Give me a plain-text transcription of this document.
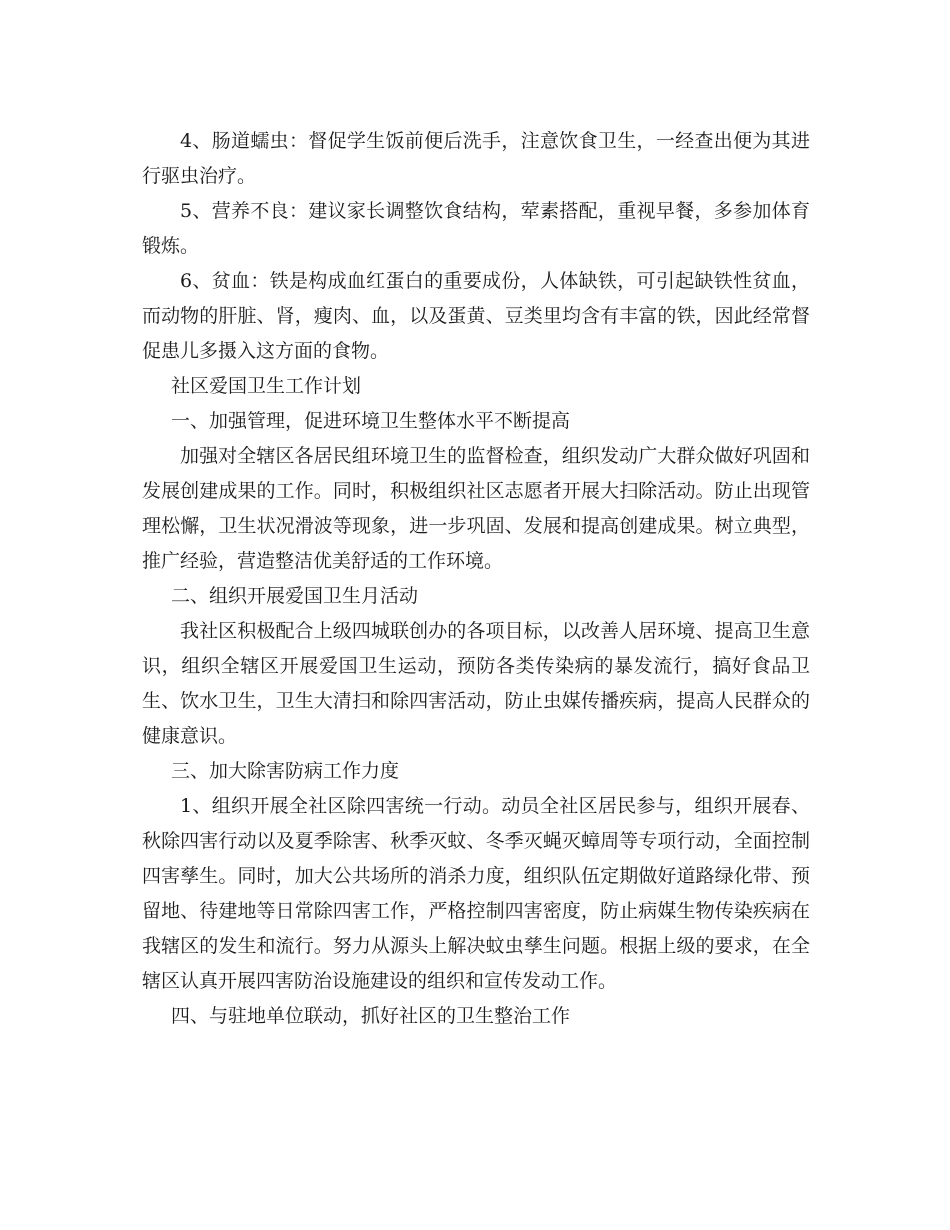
4、肠道蠕虫：督促学生饭前便后洗手，注意饮食卫生，一经查出便为其进行驱虫治疗。

5、营养不良：建议家长调整饮食结构，荤素搭配，重视早餐，多参加体育锻炼。

6、贫血：铁是构成血红蛋白的重要成份，人体缺铁，可引起缺铁性贫血，而动物的肝脏、肾，瘦肉、血，以及蛋黄、豆类里均含有丰富的铁，因此经常督促患儿多摄入这方面的食物。

社区爱国卫生工作计划

一、加强管理，促进环境卫生整体水平不断提高

加强对全辖区各居民组环境卫生的监督检查，组织发动广大群众做好巩固和发展创建成果的工作。同时，积极组织社区志愿者开展大扫除活动。防止出现管理松懈，卫生状况滑波等现象，进一步巩固、发展和提高创建成果。树立典型，推广经验，营造整洁优美舒适的工作环境。

二、组织开展爱国卫生月活动

我社区积极配合上级四城联创办的各项目标，以改善人居环境、提高卫生意识，组织全辖区开展爱国卫生运动，预防各类传染病的暴发流行，搞好食品卫生、饮水卫生，卫生大清扫和除四害活动，防止虫媒传播疾病，提高人民群众的健康意识。

三、加大除害防病工作力度

1、组织开展全社区除四害统一行动。动员全社区居民参与，组织开展春、秋除四害行动以及夏季除害、秋季灭蚊、冬季灭蝇灭蟑周等专项行动，全面控制四害孳生。同时，加大公共场所的消杀力度，组织队伍定期做好道路绿化带、预留地、待建地等日常除四害工作，严格控制四害密度，防止病媒生物传染疾病在我辖区的发生和流行。努力从源头上解决蚊虫孳生问题。根据上级的要求，在全辖区认真开展四害防治设施建设的组织和宣传发动工作。

四、与驻地单位联动，抓好社区的卫生整治工作
